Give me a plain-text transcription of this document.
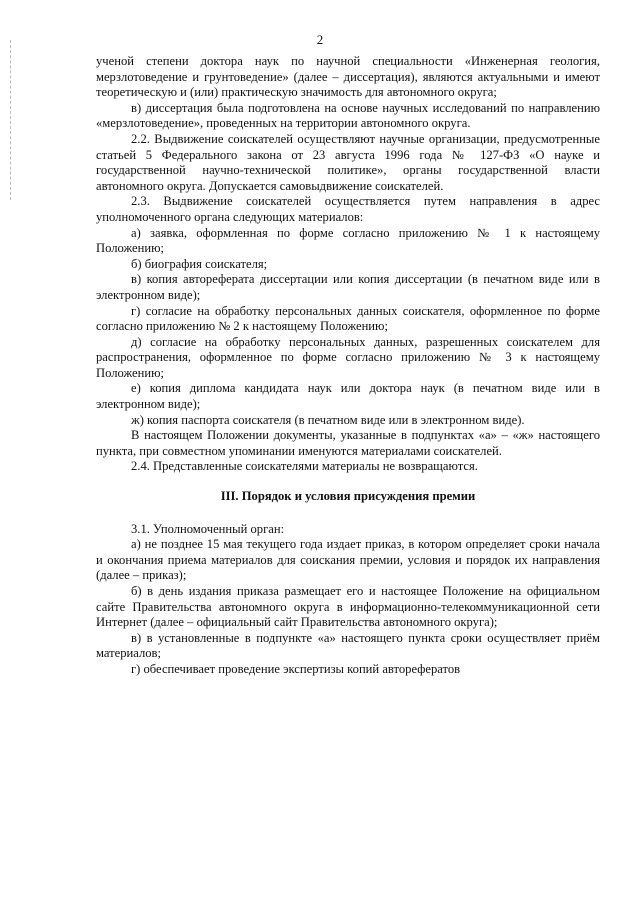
2

ученой степени доктора наук по научной специальности «Инженерная геология, мерзлотоведение и грунтоведение» (далее – диссертация), являются актуальными и имеют теоретическую и (или) практическую значимость для автономного округа;

в) диссертация была подготовлена на основе научных исследований по направлению «мерзлотоведение», проведенных на территории автономного округа.

2.2. Выдвижение соискателей осуществляют научные организации, предусмотренные статьей 5 Федерального закона от 23 августа 1996 года № 127-ФЗ «О науке и государственной научно-технической политике», органы государственной власти автономного округа. Допускается самовыдвижение соискателей.

2.3. Выдвижение соискателей осуществляется путем направления в адрес уполномоченного органа следующих материалов:

а) заявка, оформленная по форме согласно приложению № 1 к настоящему Положению;

б) биография соискателя;

в) копия автореферата диссертации или копия диссертации (в печатном виде или в электронном виде);

г) согласие на обработку персональных данных соискателя, оформленное по форме согласно приложению № 2 к настоящему Положению;

д) согласие на обработку персональных данных, разрешенных соискателем для распространения, оформленное по форме согласно приложению № 3 к настоящему Положению;

е) копия диплома кандидата наук или доктора наук (в печатном виде или в электронном виде);

ж) копия паспорта соискателя (в печатном виде или в электронном виде).

В настоящем Положении документы, указанные в подпунктах «а» – «ж» настоящего пункта, при совместном упоминании именуются материалами соискателей.

2.4. Представленные соискателями материалы не возвращаются.

III. Порядок и условия присуждения премии

3.1. Уполномоченный орган:

а) не позднее 15 мая текущего года издает приказ, в котором определяет сроки начала и окончания приема материалов для соискания премии, условия и порядок их направления (далее – приказ);

б) в день издания приказа размещает его и настоящее Положение на официальном сайте Правительства автономного округа в информационно-телекоммуникационной сети Интернет (далее – официальный сайт Правительства автономного округа);

в) в установленные в подпункте «а» настоящего пункта сроки осуществляет приём материалов;

г) обеспечивает проведение экспертизы копий авторефератов
